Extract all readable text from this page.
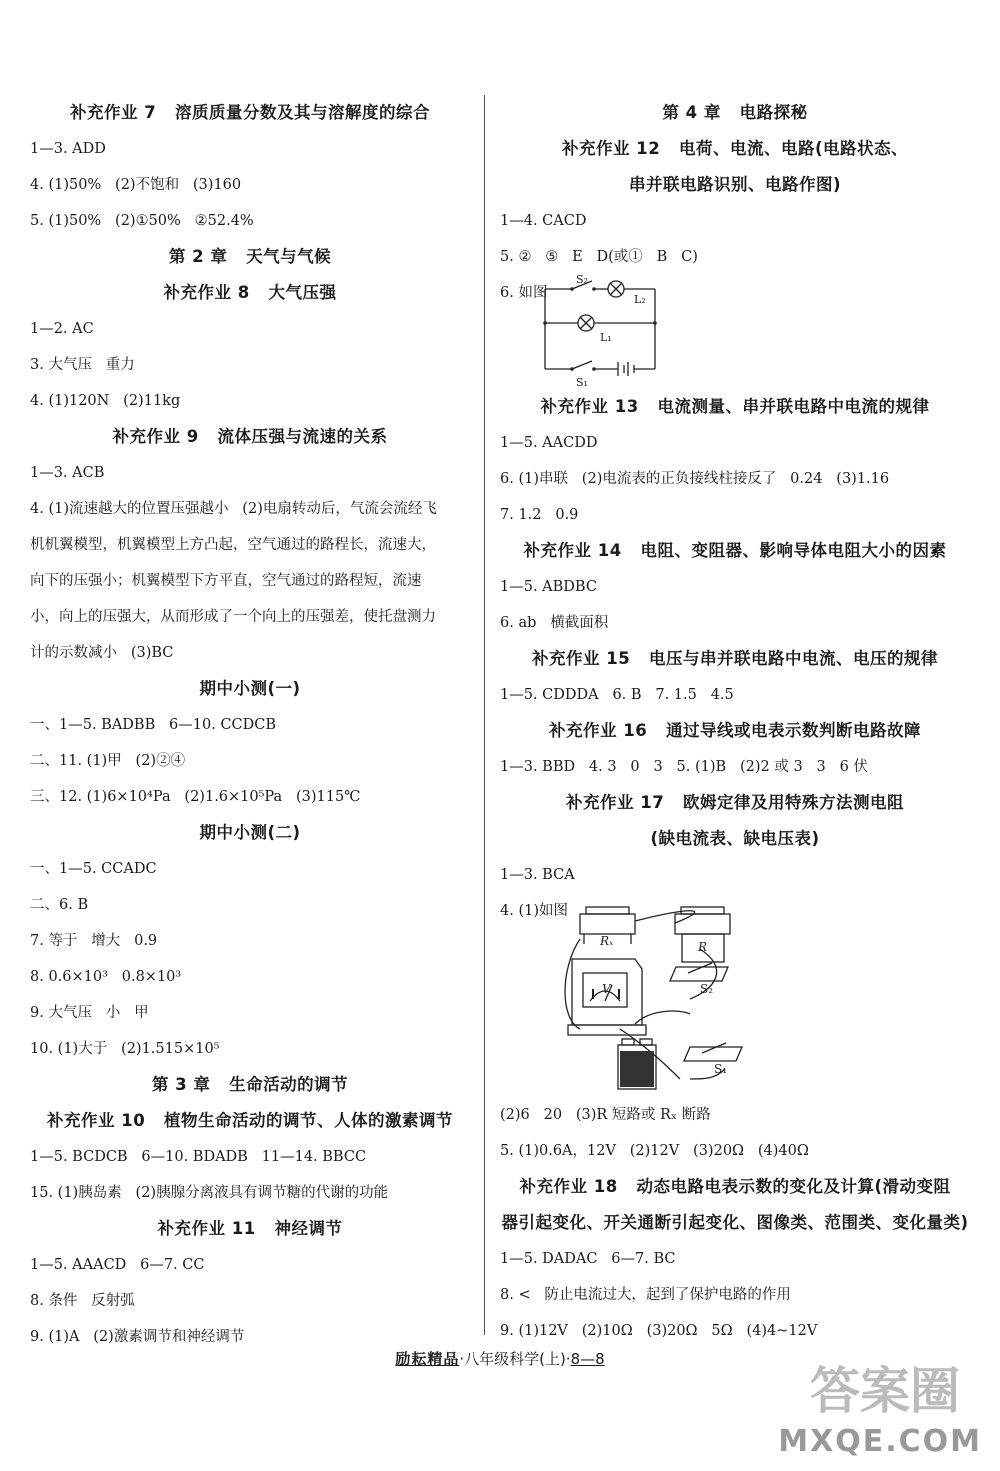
补充作业 7   溶质质量分数及其与溶解度的综合

1—3. ADD

4. (1)50%   (2)不饱和   (3)160

5. (1)50%   (2)①50%   ②52.4%

第 2 章   天气与气候

补充作业 8   大气压强

1—2. AC

3. 大气压   重力

4. (1)120N   (2)11kg

补充作业 9   流体压强与流速的关系

1—3. ACB

4. (1)流速越大的位置压强越小   (2)电扇转动后，气流会流经飞

机机翼模型，机翼模型上方凸起，空气通过的路程长，流速大，

向下的压强小；机翼模型下方平直，空气通过的路程短，流速

小，向上的压强大，从而形成了一个向上的压强差，使托盘测力

计的示数减小   (3)BC

期中小测(一)

一、1—5. BADBB   6—10. CCDCB

二、11. (1)甲   (2)②④

三、12. (1)6×10⁴Pa   (2)1.6×10⁵Pa   (3)115℃

期中小测(二)

一、1—5. CCADC

二、6. B

7. 等于   增大   0.9

8. 0.6×10³   0.8×10³

9. 大气压   小   甲

10. (1)大于   (2)1.515×10⁵

第 3 章   生命活动的调节

补充作业 10   植物生命活动的调节、人体的激素调节

1—5. BCDCB   6—10. BDADB   11—14. BBCC

15. (1)胰岛素   (2)胰腺分离液具有调节糖的代谢的功能

补充作业 11   神经调节

1—5. AAACD   6—7. CC

8. 条件   反射弧

9. (1)A   (2)激素调节和神经调节

第 4 章   电路探秘

补充作业 12   电荷、电流、电路(电路状态、

串并联电路识别、电路作图)

1—4. CACD

5. ②   ⑤   E   D(或①   B   C)

6. 如图

S₂
L₂
L₁
S₁

补充作业 13   电流测量、串并联电路中电流的规律

1—5. AACDD

6. (1)串联   (2)电流表的正负接线柱接反了   0.24   (3)1.16

7. 1.2   0.9

补充作业 14   电阻、变阻器、影响导体电阻大小的因素

1—5. ABDBC

6. ab   横截面积

补充作业 15   电压与串并联电路中电流、电压的规律

1—5. CDDDA   6. B   7. 1.5   4.5

补充作业 16   通过导线或电表示数判断电路故障

1—3. BBD   4. 3   0   3   5. (1)B   (2)2 或 3   3   6 伏

补充作业 17   欧姆定律及用特殊方法测电阻

(缺电流表、缺电压表)

1—3. BCA

4. (1)如图

Rₓ	R
V	S₂
S₁

(2)6   20   (3)R 短路或 Rₓ 断路

5. (1)0.6A，12V   (2)12V   (3)20Ω   (4)40Ω

补充作业 18   动态电路电表示数的变化及计算(滑动变阻

器引起变化、开关通断引起变化、图像类、范围类、变化量类)

1—5. DADAC   6—7. BC

8. <   防止电流过大，起到了保护电路的作用

9. (1)12V   (2)10Ω   (3)20Ω   5Ω   (4)4~12V

励耘精品·八年级科学(上)·8—8
答案圈
MXQE.COM
